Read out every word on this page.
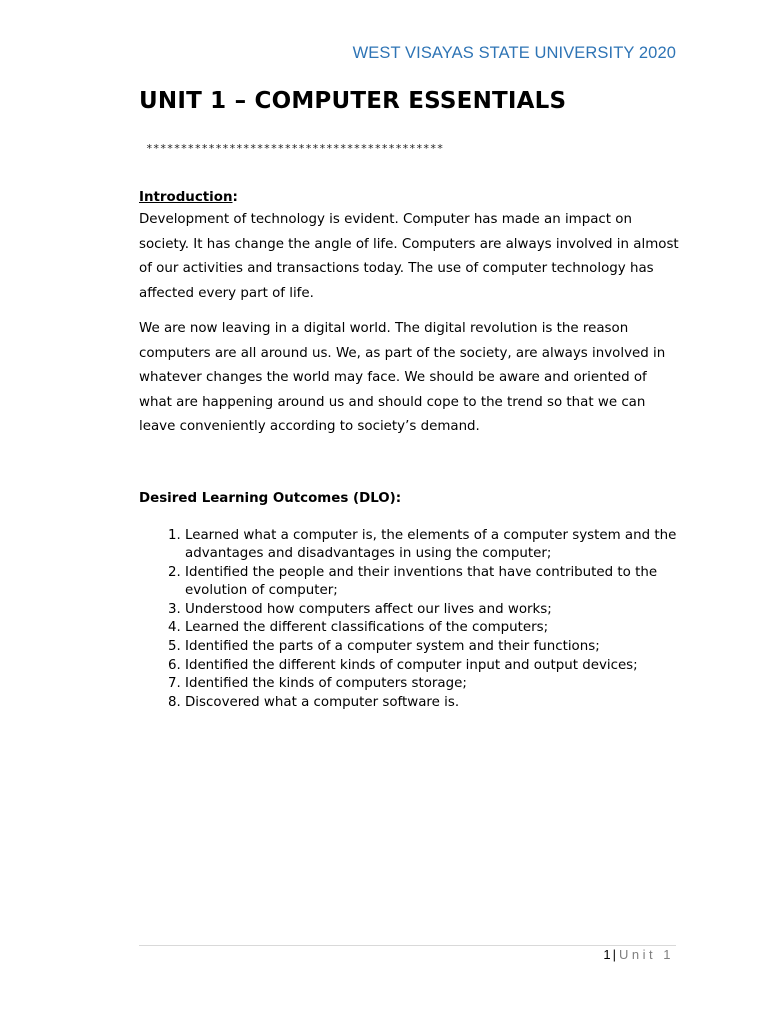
WEST VISAYAS STATE UNIVERSITY 2020
UNIT 1 – COMPUTER ESSENTIALS
*******************************************
Introduction:

Development of technology is evident. Computer has made an impact on society. It has change the angle of life. Computers are always involved in almost of our activities and transactions today. The use of computer technology has affected every part of life.

We are now leaving in a digital world. The digital revolution is the reason computers are all around us. We, as part of the society, are always involved in whatever changes the world may face. We should be aware and oriented of what are happening around us and should cope to the trend so that we can leave conveniently according to society’s demand.

Desired Learning Outcomes (DLO):
1. Learned what a computer is, the elements of a computer system and the advantages and disadvantages in using the computer;
2. Identified the people and their inventions that have contributed to the evolution of computer;
3. Understood how computers affect our lives and works;
4. Learned the different classifications of the computers;
5. Identified the parts of a computer system and their functions;
6. Identified the different kinds of computer input and output devices;
7. Identified the kinds of computers storage;
8. Discovered what a computer software is.
1 | Unit 1
